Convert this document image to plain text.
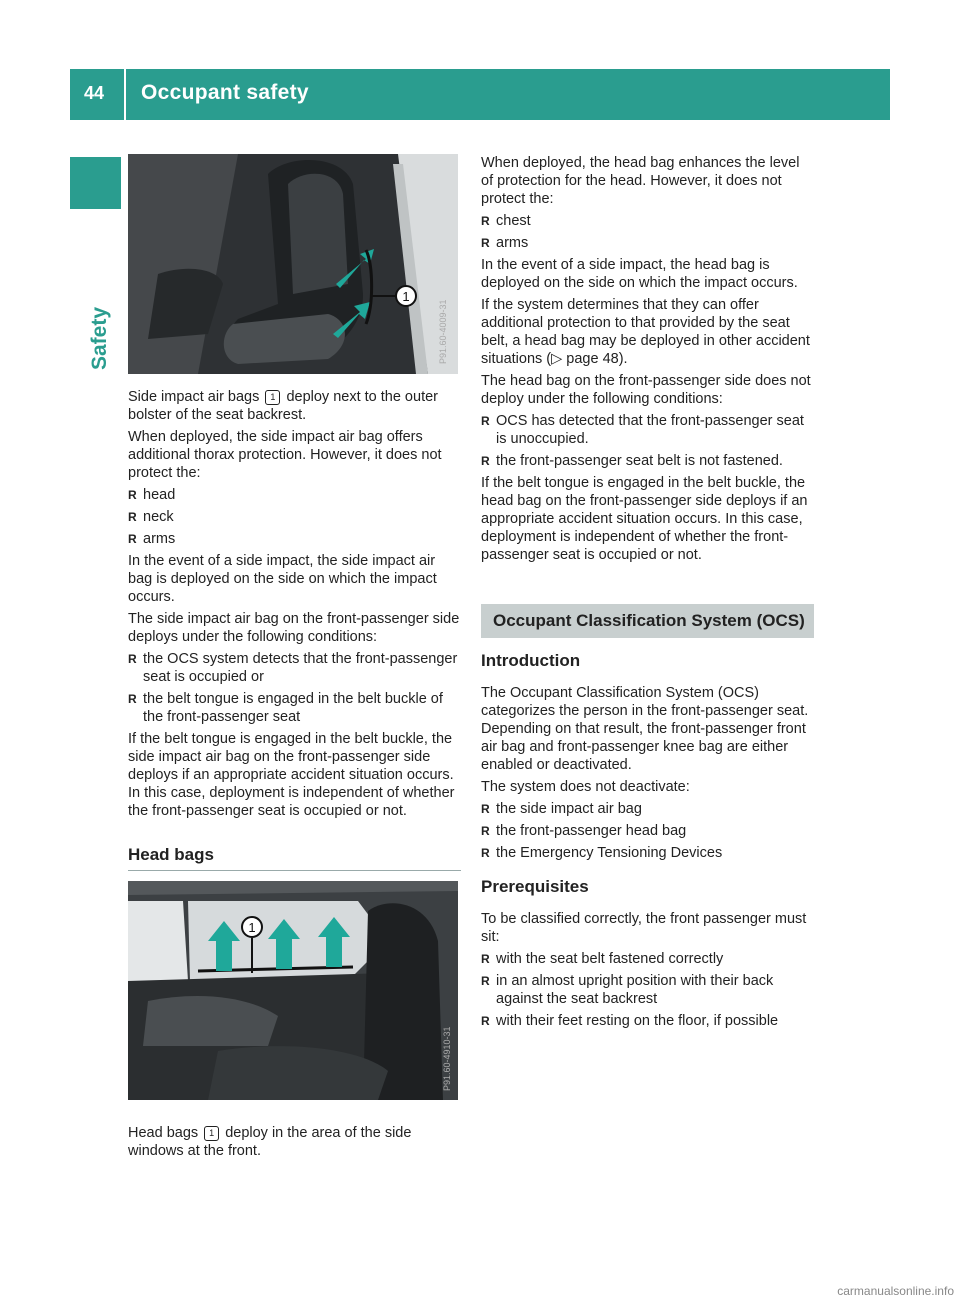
44 Occupant safety
Safety
1
P91.60-4009-31

Side impact air bags 1 deploy next to the outer bolster of the seat backrest.

When deployed, the side impact air bag offers additional thorax protection. However, it does not protect the:

R head
R neck
R arms

In the event of a side impact, the side impact air bag is deployed on the side on which the impact occurs.

The side impact air bag on the front-passenger side deploys under the following conditions:

R the OCS system detects that the front-passenger seat is occupied or
R the belt tongue is engaged in the belt buckle of the front-passenger seat

If the belt tongue is engaged in the belt buckle, the side impact air bag on the front-passenger side deploys if an appropriate accident situation occurs. In this case, deployment is independent of whether the front-passenger seat is occupied or not.

Head bags
1
P91.60-4910-31

Head bags 1 deploy in the area of the side windows at the front.

When deployed, the head bag enhances the level of protection for the head. However, it does not protect the:

R chest
R arms

In the event of a side impact, the head bag is deployed on the side on which the impact occurs.

If the system determines that they can offer additional protection to that provided by the seat belt, a head bag may be deployed in other accident situations (▷ page 48).

The head bag on the front-passenger side does not deploy under the following conditions:

R OCS has detected that the front-passenger seat is unoccupied.
R the front-passenger seat belt is not fastened.

If the belt tongue is engaged in the belt buckle, the head bag on the front-passenger side deploys if an appropriate accident situation occurs. In this case, deployment is independent of whether the front-passenger seat is occupied or not.

Occupant Classification System (OCS)
Introduction

The Occupant Classification System (OCS) categorizes the person in the front-passenger seat. Depending on that result, the front-passenger front air bag and front-passenger knee bag are either enabled or deactivated.

The system does not deactivate:

R the side impact air bag
R the front-passenger head bag
R the Emergency Tensioning Devices
Prerequisites

To be classified correctly, the front passenger must sit:

R with the seat belt fastened correctly
R in an almost upright position with their back against the seat backrest
R with their feet resting on the floor, if possible
carmanualsonline.info
